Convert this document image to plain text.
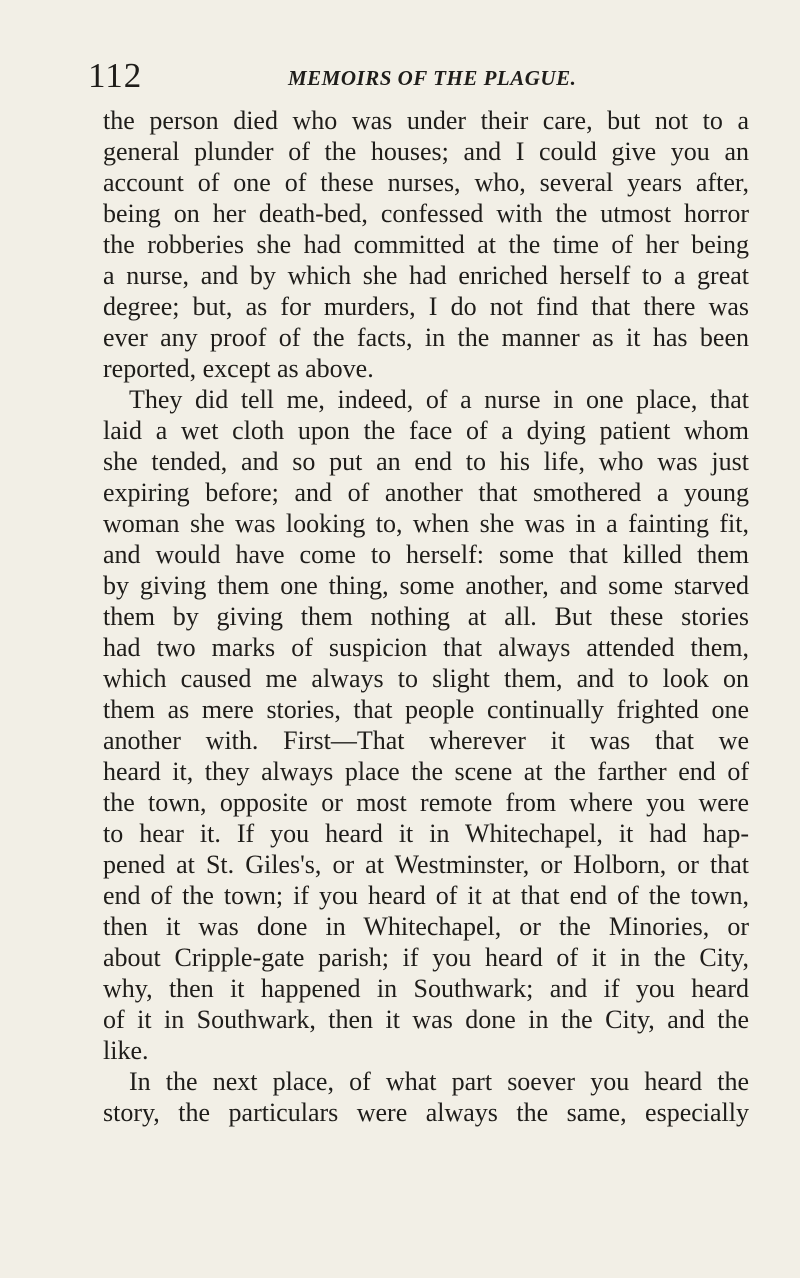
112	MEMOIRS OF THE PLAGUE.
the person died who was under their care, but not to a
general plunder of the houses; and I could give you an
account of one of these nurses, who, several years after,
being on her death-bed, confessed with the utmost horror
the robberies she had committed at the time of her being
a nurse, and by which she had enriched herself to a great
degree; but, as for murders, I do not find that there was
ever any proof of the facts, in the manner as it has been
reported, except as above.
They did tell me, indeed, of a nurse in one place, that
laid a wet cloth upon the face of a dying patient whom
she tended, and so put an end to his life, who was just
expiring before; and of another that smothered a young
woman she was looking to, when she was in a fainting fit,
and would have come to herself: some that killed them
by giving them one thing, some another, and some starved
them by giving them nothing at all. But these stories
had two marks of suspicion that always attended them,
which caused me always to slight them, and to look on
them as mere stories, that people continually frighted one
another with. First—That wherever it was that we
heard it, they always place the scene at the farther end of
the town, opposite or most remote from where you were
to hear it. If you heard it in Whitechapel, it had hap-
pened at St. Giles's, or at Westminster, or Holborn, or that
end of the town; if you heard of it at that end of the town,
then it was done in Whitechapel, or the Minories, or
about Cripple-gate parish; if you heard of it in the City,
why, then it happened in Southwark; and if you heard
of it in Southwark, then it was done in the City, and the
like.
In the next place, of what part soever you heard the
story, the particulars were always the same, especially
